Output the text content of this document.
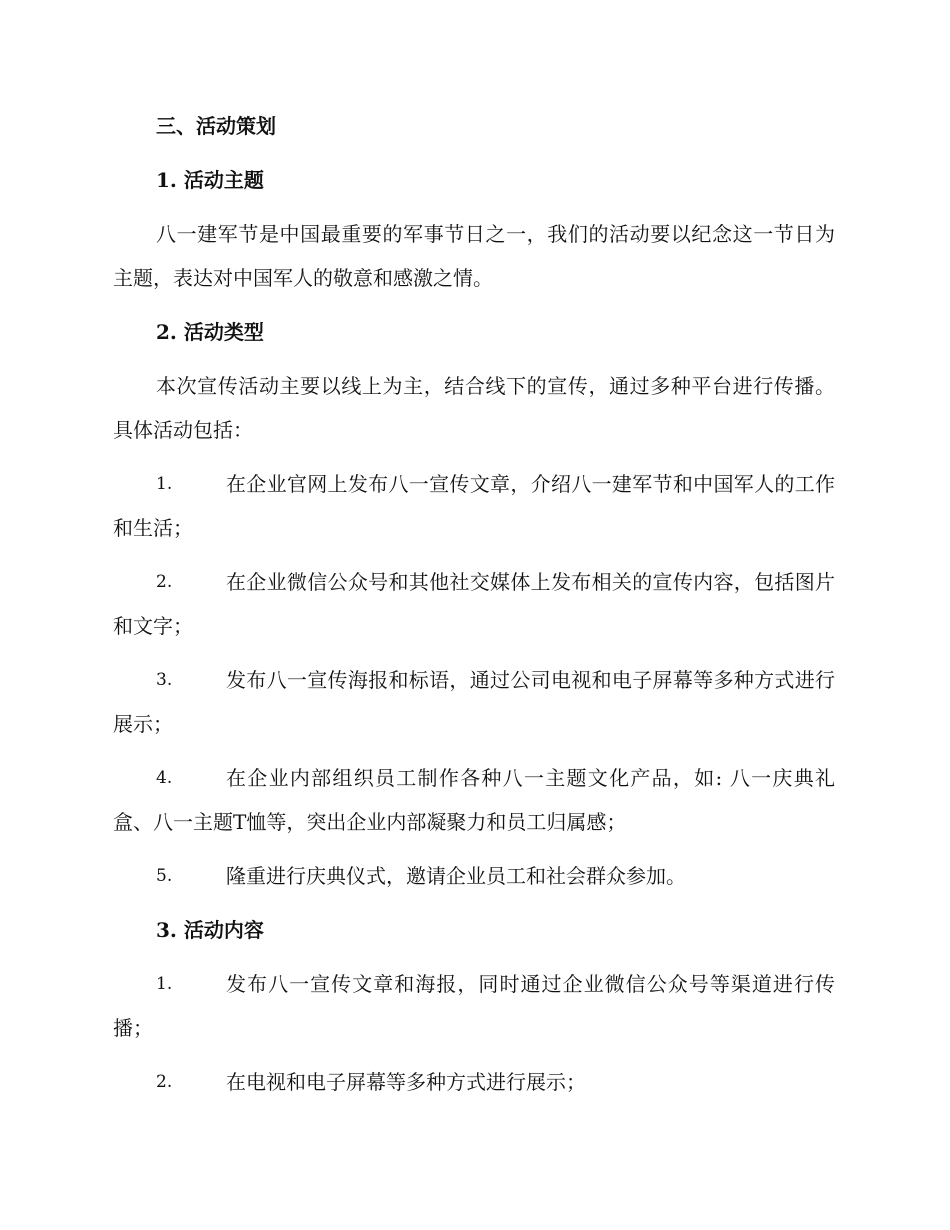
三、活动策划
1. 活动主题
八一建军节是中国最重要的军事节日之一，我们的活动要以纪念这一节日为主题，表达对中国军人的敬意和感激之情。
2. 活动类型
本次宣传活动主要以线上为主，结合线下的宣传，通过多种平台进行传播。具体活动包括：
1.	在企业官网上发布八一宣传文章，介绍八一建军节和中国军人的工作和生活；
2.	在企业微信公众号和其他社交媒体上发布相关的宣传内容，包括图片和文字；
3.	发布八一宣传海报和标语，通过公司电视和电子屏幕等多种方式进行展示；
4.	在企业内部组织员工制作各种八一主题文化产品，如: 八一庆典礼盒、八一主题T恤等，突出企业内部凝聚力和员工归属感；
5.	隆重进行庆典仪式，邀请企业员工和社会群众参加。
3. 活动内容
1.	发布八一宣传文章和海报，同时通过企业微信公众号等渠道进行传播；
2.	在电视和电子屏幕等多种方式进行展示；
